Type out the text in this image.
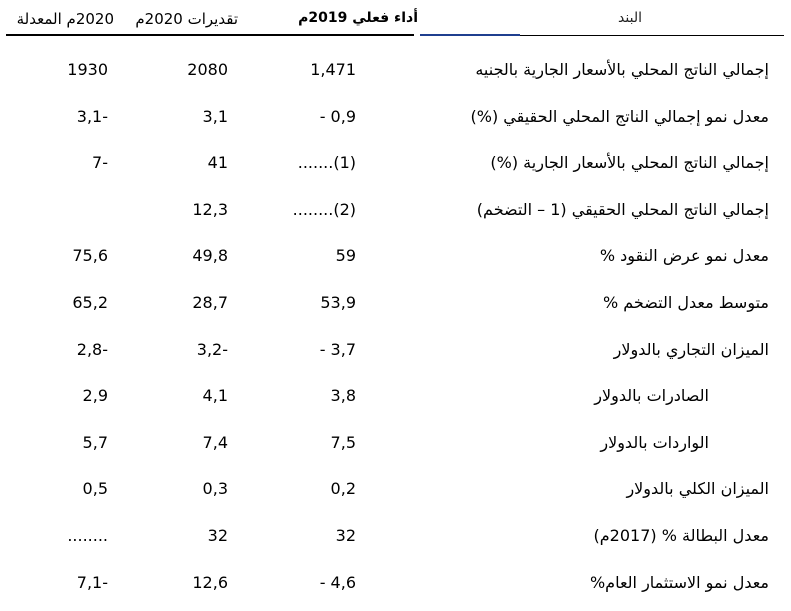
البند
أداء فعلي 2019م
تقديرات 2020م
2020م المعدلة
إجمالي الناتج المحلي بالأسعار الجارية بالجنيه
1,471
2080
1930
معدل نمو إجمالي الناتج المحلي الحقيقي (%)
- 0,9
3,1
3,1-
إجمالي الناتج المحلي بالأسعار الجارية (%)
.......(1)
41
7-
إجمالي الناتج المحلي الحقيقي (1 – التضخم)
........(2)
12,3
معدل نمو عرض النقود %
59
49,8
75,6
متوسط معدل التضخم %
53,9
28,7
65,2
الميزان التجاري بالدولار
- 3,7
3,2-
2,8-
الصادرات بالدولار
3,8
4,1
2,9
الواردات بالدولار
7,5
7,4
5,7
الميزان الكلي بالدولار
0,2
0,3
0,5
معدل البطالة % (2017م)
32
32
........
معدل نمو الاستثمار العام%
- 4,6
12,6
7,1-
